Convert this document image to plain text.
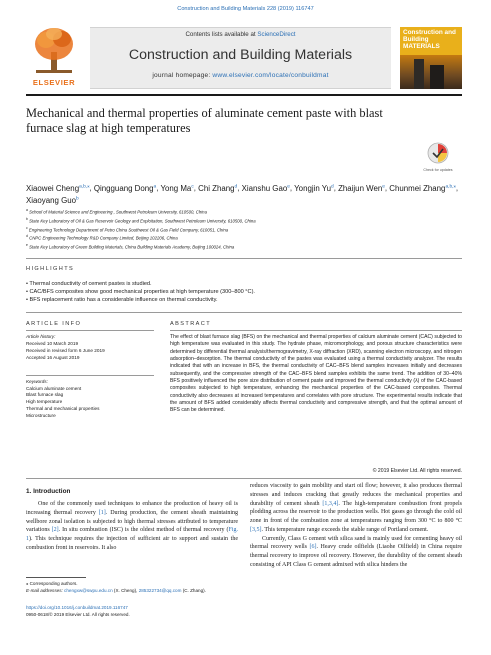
Construction and Building Materials 228 (2019) 116747
ELSEVIER
Contents lists available at ScienceDirect
Construction and Building Materials
journal homepage: www.elsevier.com/locate/conbuildmat
Construction and Building MATERIALS
Mechanical and thermal properties of aluminate cement paste with blast furnace slag at high temperatures
Check for updates
Xiaowei Cheng$^{a,b,⁎}$, Qingguang Dong$^a$, Yong Ma$^c$, Chi Zhang$^d$, Xianshu Gao$^e$, Yongjin Yu$^d$, Zhaijun Wen$^e$, Chunmei Zhang$^{a,b,⁎}$, Xiaoyang Guo$^b$
$^a$ School of Material Science and Engineering , Southwest Petroleum University, 610500, China
$^b$ State Key Laboratory of Oil & Gas Reservoir Geology and Exploitation, Southwest Petroleum University, 610500, China
$^c$ Engineering Technology Department of Petro China Southwest Oil & Gas Field Company, 610051, China
$^d$ CNPC Engineering Technology R&D Company Limited, Beijing 102206, China
$^e$ State Key Laboratory of Green Building Materials, China Building Materials Academy, Beijing 100024, China
HIGHLIGHTS
• Thermal conductivity of cement pastes is studied.
• CAC/BFS composites show good mechanical properties at high temperature (300–800 °C).
• BFS replacement ratio has a considerable influence on thermal conductivity.
ARTICLE INFO
Article history:
Received 10 March 2019
Received in revised form 6 June 2019
Accepted 16 August 2019
Keywords:
Calcium aluminate cement
Blast furnace slag
High temperature
Thermal and mechanical properties
Microstructure
ABSTRACT
The effect of blast furnace slag (BFS) on the mechanical and thermal properties of calcium aluminate cement (CAC) subjected to high temperature was evaluated in this study. The hydrate phase, micromorphology, and porous structure characteristics were determined by differential thermal analysis/thermogravimetry, X-ray diffraction (XRD), scanning electron microscopy, and nitrogen adsorption–desorption. The thermal conductivity of the pastes was evaluated using a thermal conductivity analyzer. The results indicated that with an increase in BFS, the thermal conductivity of CAC–BFS blend samples increases initially and decreases subsequently, and the compressive strength of the CAC–BFS blend samples exhibits the same trend. The addition of 30–40% BFS positively influenced the pore size distribution of cement paste and improved the thermal conductivity (λ) of the CAC-based composites subjected to high temperature, enhancing the mechanical properties of the CAC-based composites. Thermal conductivity also decreases at increased temperatures and correlates with pore structure. The experimental results indicate that the amount of BFS added considerably affects thermal conductivity and compressive strength, and that the optimal amount of BFS can be determined.
© 2019 Elsevier Ltd. All rights reserved.
1. Introduction

One of the commonly used techniques to enhance the production of heavy oil is increasing thermal recovery [1]. During production, the cement sheath maintaining wellbore zonal isolation is subjected to high thermal stresses attributed to temperature variations [2]. In situ combustion (ISC) is the oldest method of thermal recovery (Fig. 1). This technique requires the injection of sufficient air to support and sustain the combustion front in reservoirs. It also

reduces viscosity to gain mobility and start oil flow; however, it also produces thermal stresses and induces cracking that greatly reduces the mechanical properties and durability of cement sheath [1,3,4]. The high-temperature combustion front propels plodding across the reservoir to the production wells. Hot gases go through the cold oil zone in front of the combustion zone at temperatures ranging from 300 °C to 800 °C [3,5]. This temperature range exceeds the stable range of Portland cement.

Currently, Class G cement with silica sand is mainly used for cementing heavy oil thermal recovery wells [6]. Heavy crude oilfields (Liaohe Oilfield) in China require thermal recovery to improve oil recovery. However, the durability of the cement sheath consisting of API Class G cement admixed with silica hinders the

⁎ Corresponding authors.
E-mail addresses: chengxw@swpu.edu.cn (X. Cheng), 285322734@qq.com (C. Zhang).
https://doi.org/10.1016/j.conbuildmat.2019.116747
0950-0618/© 2019 Elsevier Ltd. All rights reserved.
